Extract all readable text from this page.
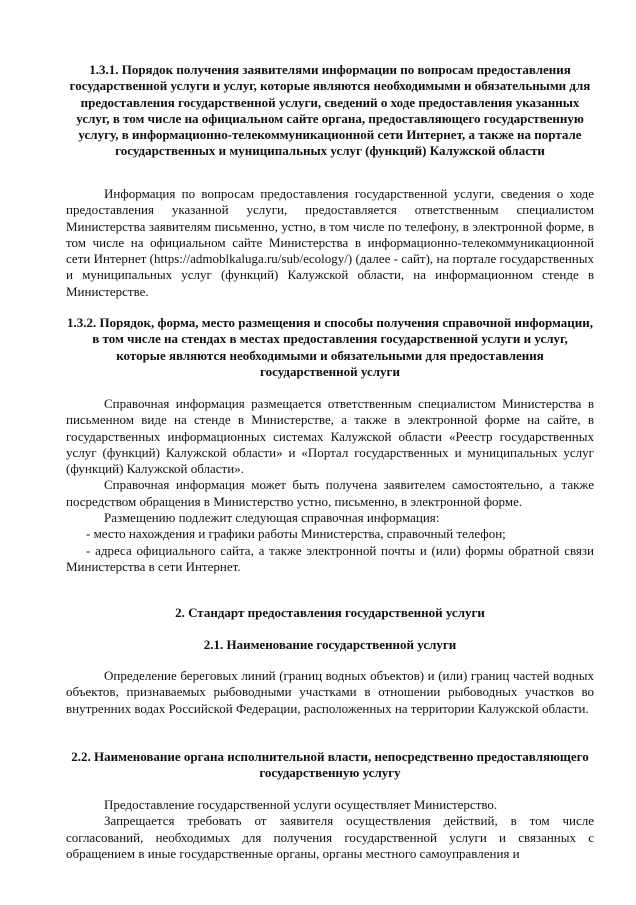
1.3.1. Порядок получения заявителями информации по вопросам предоставления государственной услуги и услуг, которые являются необходимыми и обязательными для предоставления государственной услуги, сведений о ходе предоставления указанных услуг, в том числе на официальном сайте органа, предоставляющего государственную услугу, в информационно-телекоммуникационной сети Интернет, а также на портале государственных и муниципальных услуг (функций) Калужской области

Информация по вопросам предоставления государственной услуги, сведения о ходе предоставления указанной услуги, предоставляется ответственным специалистом Министерства заявителям письменно, устно, в том числе по телефону, в электронной форме, в том числе на официальном сайте Министерства в информационно-телекоммуникационной сети Интернет (https://admoblkaluga.ru/sub/ecology/) (далее - сайт), на портале государственных и муниципальных услуг (функций) Калужской области, на информационном стенде в Министерстве.

1.3.2. Порядок, форма, место размещения и способы получения справочной информации, в том числе на стендах в местах предоставления государственной услуги и услуг, которые являются необходимыми и обязательными для предоставления государственной услуги

Справочная информация размещается ответственным специалистом Министерства в письменном виде на стенде в Министерстве, а также в электронной форме на сайте, в государственных информационных системах Калужской области «Реестр государственных услуг (функций) Калужской области» и «Портал государственных и муниципальных услуг (функций) Калужской области».

Справочная информация может быть получена заявителем самостоятельно, а также посредством обращения в Министерство устно, письменно, в электронной форме.

Размещению подлежит следующая справочная информация:

- место нахождения и графики работы Министерства, справочный телефон;

- адреса официального сайта, а также электронной почты и (или) формы обратной связи Министерства в сети Интернет.

2. Стандарт предоставления государственной услуги

2.1. Наименование государственной услуги

Определение береговых линий (границ водных объектов) и (или) границ частей водных объектов, признаваемых рыбоводными участками в отношении рыбоводных участков во внутренних водах Российской Федерации, расположенных на территории Калужской области.

2.2. Наименование органа исполнительной власти, непосредственно предоставляющего государственную услугу

Предоставление государственной услуги осуществляет Министерство.

Запрещается требовать от заявителя осуществления действий, в том числе согласований, необходимых для получения государственной услуги и связанных с обращением в иные государственные органы, органы местного самоуправления и
